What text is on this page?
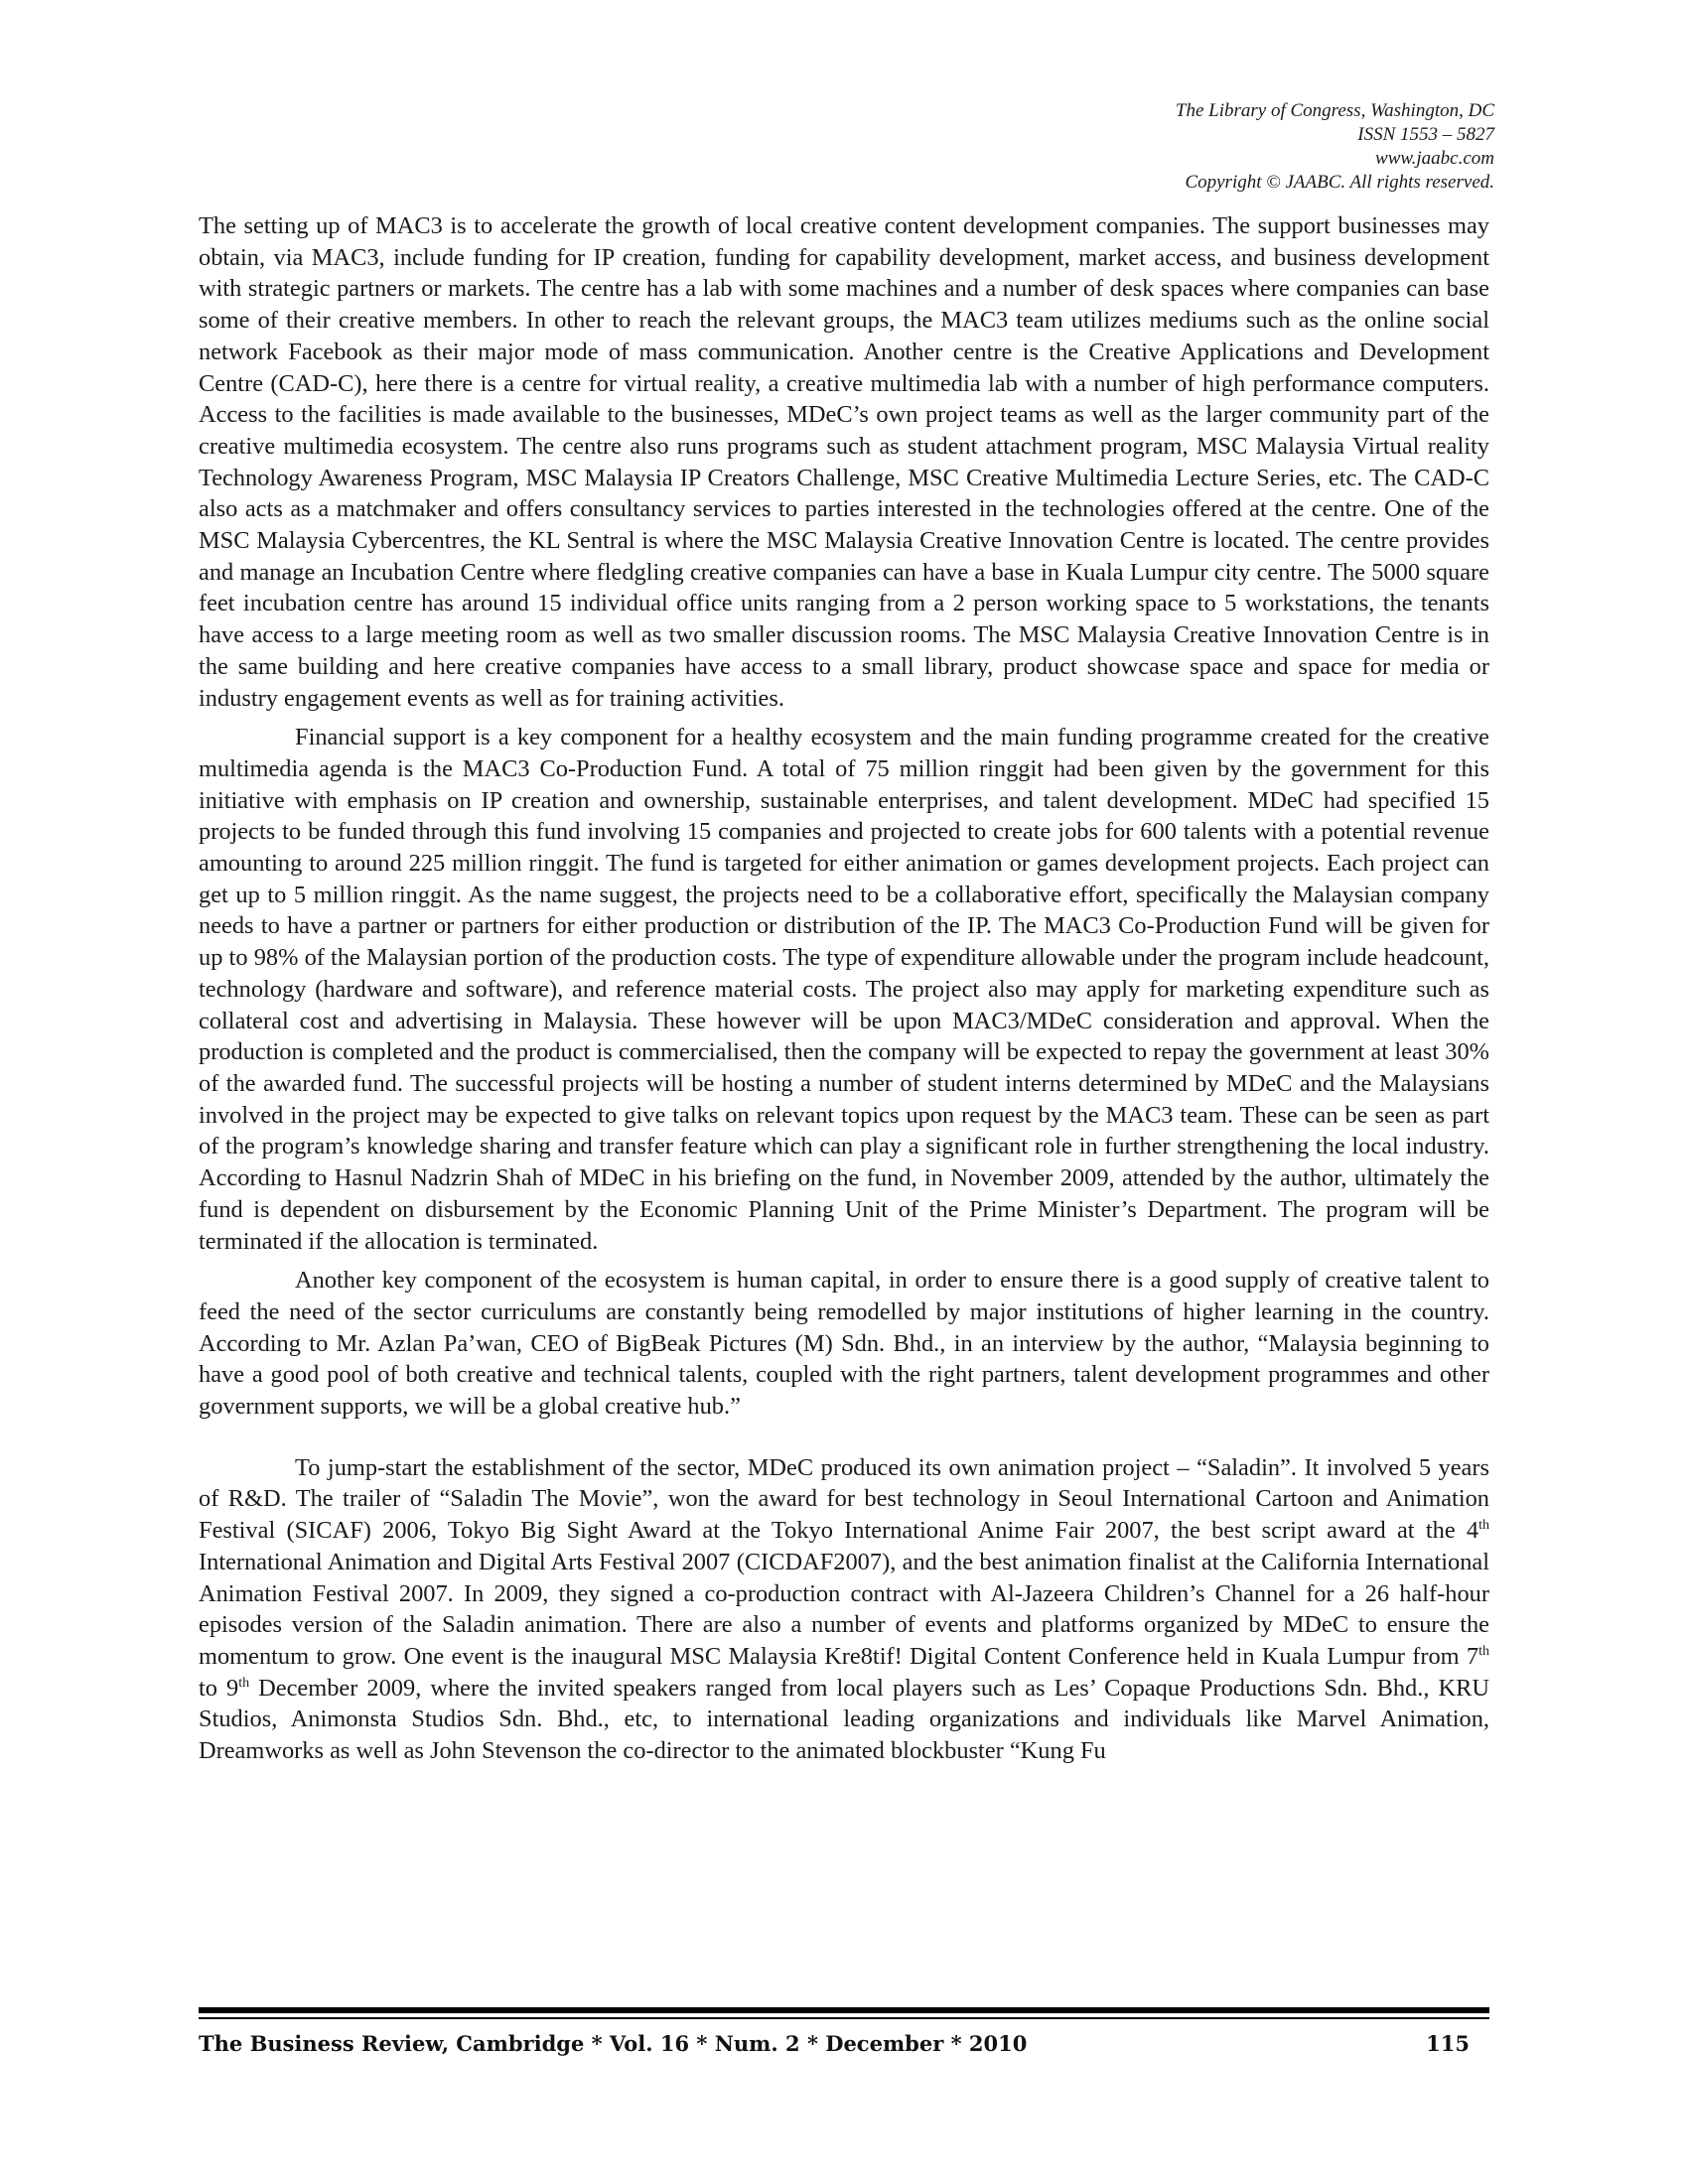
The Library of Congress, Washington, DC
ISSN 1553 – 5827
www.jaabc.com
Copyright © JAABC. All rights reserved.

The setting up of MAC3 is to accelerate the growth of local creative content development companies. The support businesses may obtain, via MAC3, include funding for IP creation, funding for capability development, market access, and business development with strategic partners or markets. The centre has a lab with some machines and a number of desk spaces where companies can base some of their creative members. In other to reach the relevant groups, the MAC3 team utilizes mediums such as the online social network Facebook as their major mode of mass communication. Another centre is the Creative Applications and Development Centre (CAD-C), here there is a centre for virtual reality, a creative multimedia lab with a number of high performance computers. Access to the facilities is made available to the businesses, MDeC’s own project teams as well as the larger community part of the creative multimedia ecosystem. The centre also runs programs such as student attachment program, MSC Malaysia Virtual reality Technology Awareness Program, MSC Malaysia IP Creators Challenge, MSC Creative Multimedia Lecture Series, etc. The CAD-C also acts as a matchmaker and offers consultancy services to parties interested in the technologies offered at the centre. One of the MSC Malaysia Cybercentres, the KL Sentral is where the MSC Malaysia Creative Innovation Centre is located. The centre provides and manage an Incubation Centre where fledgling creative companies can have a base in Kuala Lumpur city centre. The 5000 square feet incubation centre has around 15 individual office units ranging from a 2 person working space to 5 workstations, the tenants have access to a large meeting room as well as two smaller discussion rooms. The MSC Malaysia Creative Innovation Centre is in the same building and here creative companies have access to a small library, product showcase space and space for media or industry engagement events as well as for training activities.

Financial support is a key component for a healthy ecosystem and the main funding programme created for the creative multimedia agenda is the MAC3 Co-Production Fund. A total of 75 million ringgit had been given by the government for this initiative with emphasis on IP creation and ownership, sustainable enterprises, and talent development. MDeC had specified 15 projects to be funded through this fund involving 15 companies and projected to create jobs for 600 talents with a potential revenue amounting to around 225 million ringgit. The fund is targeted for either animation or games development projects. Each project can get up to 5 million ringgit. As the name suggest, the projects need to be a collaborative effort, specifically the Malaysian company needs to have a partner or partners for either production or distribution of the IP. The MAC3 Co-Production Fund will be given for up to 98% of the Malaysian portion of the production costs. The type of expenditure allowable under the program include headcount, technology (hardware and software), and reference material costs. The project also may apply for marketing expenditure such as collateral cost and advertising in Malaysia. These however will be upon MAC3/MDeC consideration and approval. When the production is completed and the product is commercialised, then the company will be expected to repay the government at least 30% of the awarded fund. The successful projects will be hosting a number of student interns determined by MDeC and the Malaysians involved in the project may be expected to give talks on relevant topics upon request by the MAC3 team. These can be seen as part of the program’s knowledge sharing and transfer feature which can play a significant role in further strengthening the local industry. According to Hasnul Nadzrin Shah of MDeC in his briefing on the fund, in November 2009, attended by the author, ultimately the fund is dependent on disbursement by the Economic Planning Unit of the Prime Minister’s Department. The program will be terminated if the allocation is terminated.

Another key component of the ecosystem is human capital, in order to ensure there is a good supply of creative talent to feed the need of the sector curriculums are constantly being remodelled by major institutions of higher learning in the country. According to Mr. Azlan Pa’wan, CEO of BigBeak Pictures (M) Sdn. Bhd., in an interview by the author, “Malaysia beginning to have a good pool of both creative and technical talents, coupled with the right partners, talent development programmes and other government supports, we will be a global creative hub.”

To jump-start the establishment of the sector, MDeC produced its own animation project – “Saladin”. It involved 5 years of R&D. The trailer of “Saladin The Movie”, won the award for best technology in Seoul International Cartoon and Animation Festival (SICAF) 2006, Tokyo Big Sight Award at the Tokyo International Anime Fair 2007, the best script award at the 4th International Animation and Digital Arts Festival 2007 (CICDAF2007), and the best animation finalist at the California International Animation Festival 2007. In 2009, they signed a co-production contract with Al-Jazeera Children’s Channel for a 26 half-hour episodes version of the Saladin animation. There are also a number of events and platforms organized by MDeC to ensure the momentum to grow. One event is the inaugural MSC Malaysia Kre8tif! Digital Content Conference held in Kuala Lumpur from 7th to 9th December 2009, where the invited speakers ranged from local players such as Les’ Copaque Productions Sdn. Bhd., KRU Studios, Animonsta Studios Sdn. Bhd., etc, to international leading organizations and individuals like Marvel Animation, Dreamworks as well as John Stevenson the co-director to the animated blockbuster “Kung Fu

The Business Review, Cambridge * Vol. 16 * Num. 2 * December * 2010	115
